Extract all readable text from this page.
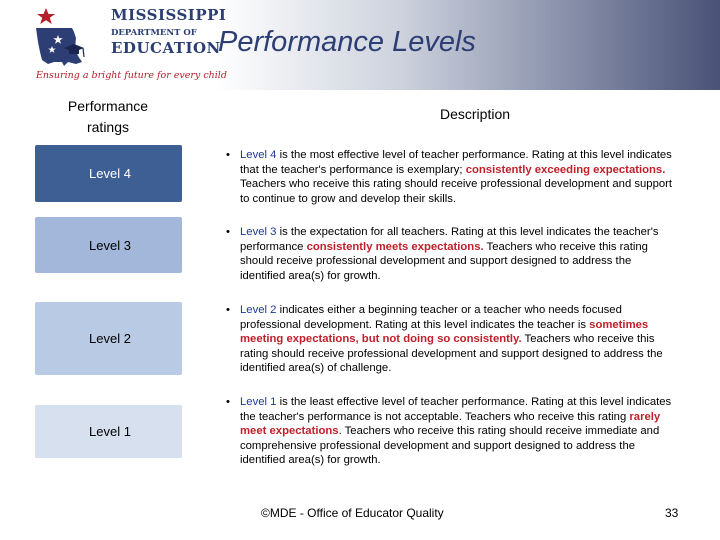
MISSISSIPPI
DEPARTMENT OF
EDUCATION
Ensuring a bright future for every child
Performance Levels
Performance
ratings
Description
Level 4
Level 3
Level 2
Level 1
• Level 4 is the most effective level of teacher performance. Rating at this level indicates that the teacher's performance is exemplary; consistently exceeding expectations. Teachers who receive this rating should receive professional development and support to continue to grow and develop their skills.
• Level 3 is the expectation for all teachers. Rating at this level indicates the teacher's performance consistently meets expectations. Teachers who receive this rating should receive professional development and support designed to address the identified area(s) for growth.
• Level 2 indicates either a beginning teacher or a teacher who needs focused professional development. Rating at this level indicates the teacher is sometimes meeting expectations, but not doing so consistently. Teachers who receive this rating should receive professional development and support designed to address the identified area(s) of challenge.
• Level 1 is the least effective level of teacher performance. Rating at this level indicates the teacher's performance is not acceptable. Teachers who receive this rating rarely meet expectations. Teachers who receive this rating should receive immediate and comprehensive professional development and support designed to address the identified area(s) for growth.
©MDE - Office of Educator Quality	33
